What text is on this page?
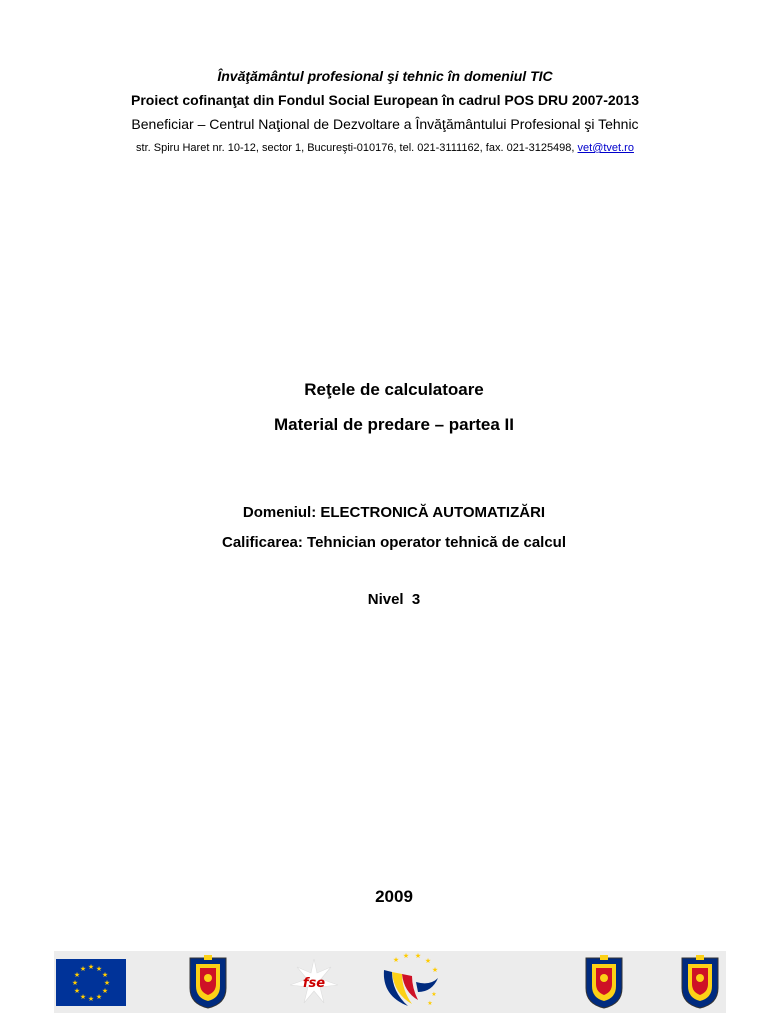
Învăţământul profesional şi tehnic în domeniul TIC
Proiect cofinanţat din Fondul Social European în cadrul POS DRU 2007-2013
Beneficiar – Centrul Naţional de Dezvoltare a Învăţământului Profesional şi Tehnic
str. Spiru Haret nr. 10-12, sector 1, Bucureşti-010176, tel. 021-3111162, fax. 021-3125498, vet@tvet.ro
Reţele de calculatoare
Material de predare – partea II
Domeniul: ELECTRONICĂ AUTOMATIZĂRI
Calificarea: Tehnician operator tehnică de calcul
Nivel  3
2009
★ ★
★
★
★
★
★
★
★
★
★
★
fse
★ ★ ★
★
★
★
★
